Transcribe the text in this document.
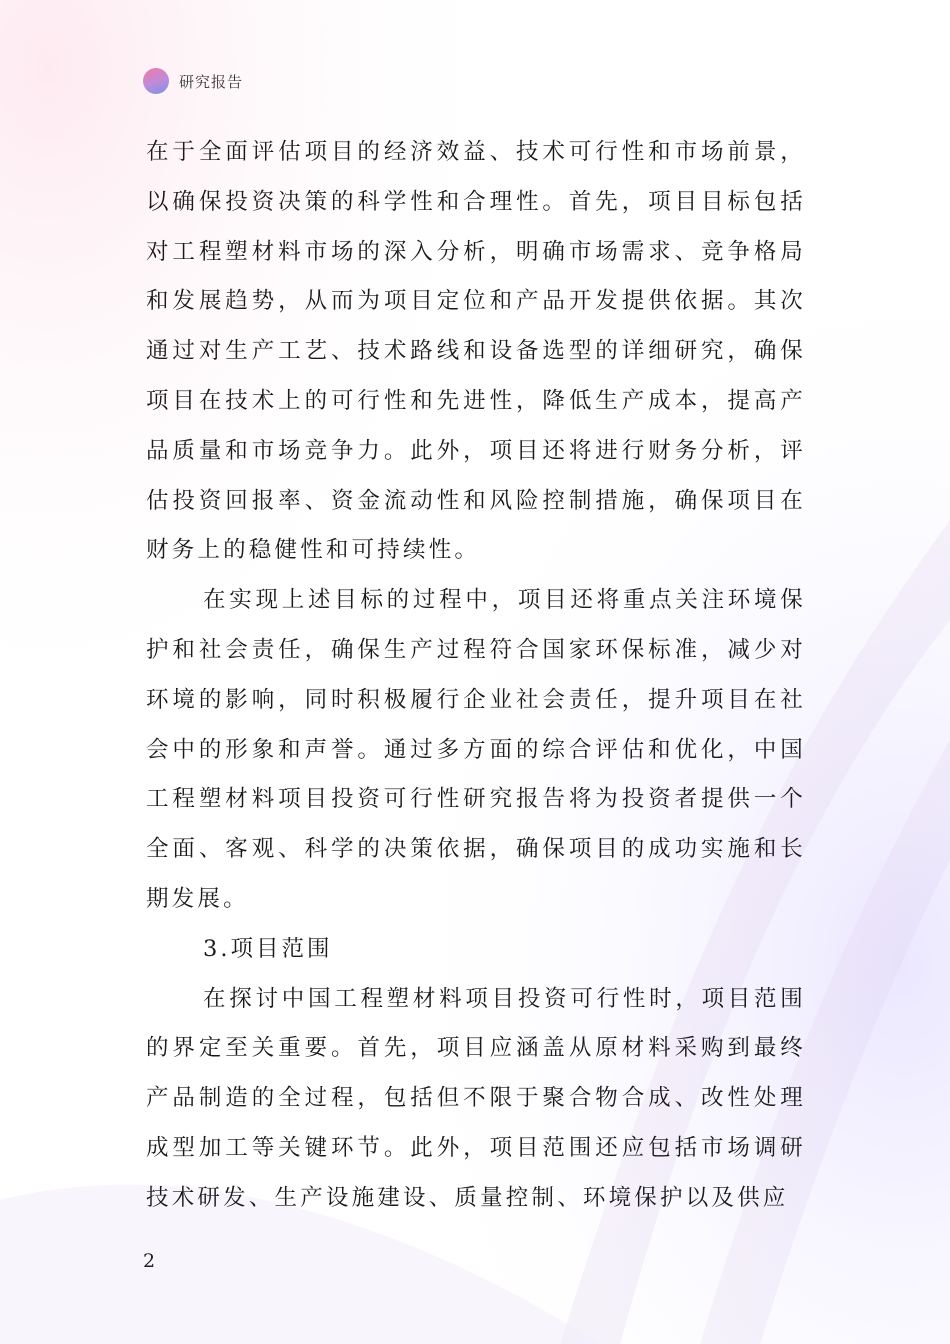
研究报告

在于全面评估项目的经济效益、技术可行性和市场前景，以确保投资决策的科学性和合理性。首先，项目目标包括对工程塑材料市场的深入分析，明确市场需求、竞争格局和发展趋势，从而为项目定位和产品开发提供依据。其次通过对生产工艺、技术路线和设备选型的详细研究，确保项目在技术上的可行性和先进性，降低生产成本，提高产品质量和市场竞争力。此外，项目还将进行财务分析，评估投资回报率、资金流动性和风险控制措施，确保项目在财务上的稳健性和可持续性。

在实现上述目标的过程中，项目还将重点关注环境保护和社会责任，确保生产过程符合国家环保标准，减少对环境的影响，同时积极履行企业社会责任，提升项目在社会中的形象和声誉。通过多方面的综合评估和优化，中国工程塑材料项目投资可行性研究报告将为投资者提供一个全面、客观、科学的决策依据，确保项目的成功实施和长期发展。

3.项目范围

在探讨中国工程塑材料项目投资可行性时，项目范围的界定至关重要。首先，项目应涵盖从原材料采购到最终产品制造的全过程，包括但不限于聚合物合成、改性处理成型加工等关键环节。此外，项目范围还应包括市场调研技术研发、生产设施建设、质量控制、环境保护以及供应

2
